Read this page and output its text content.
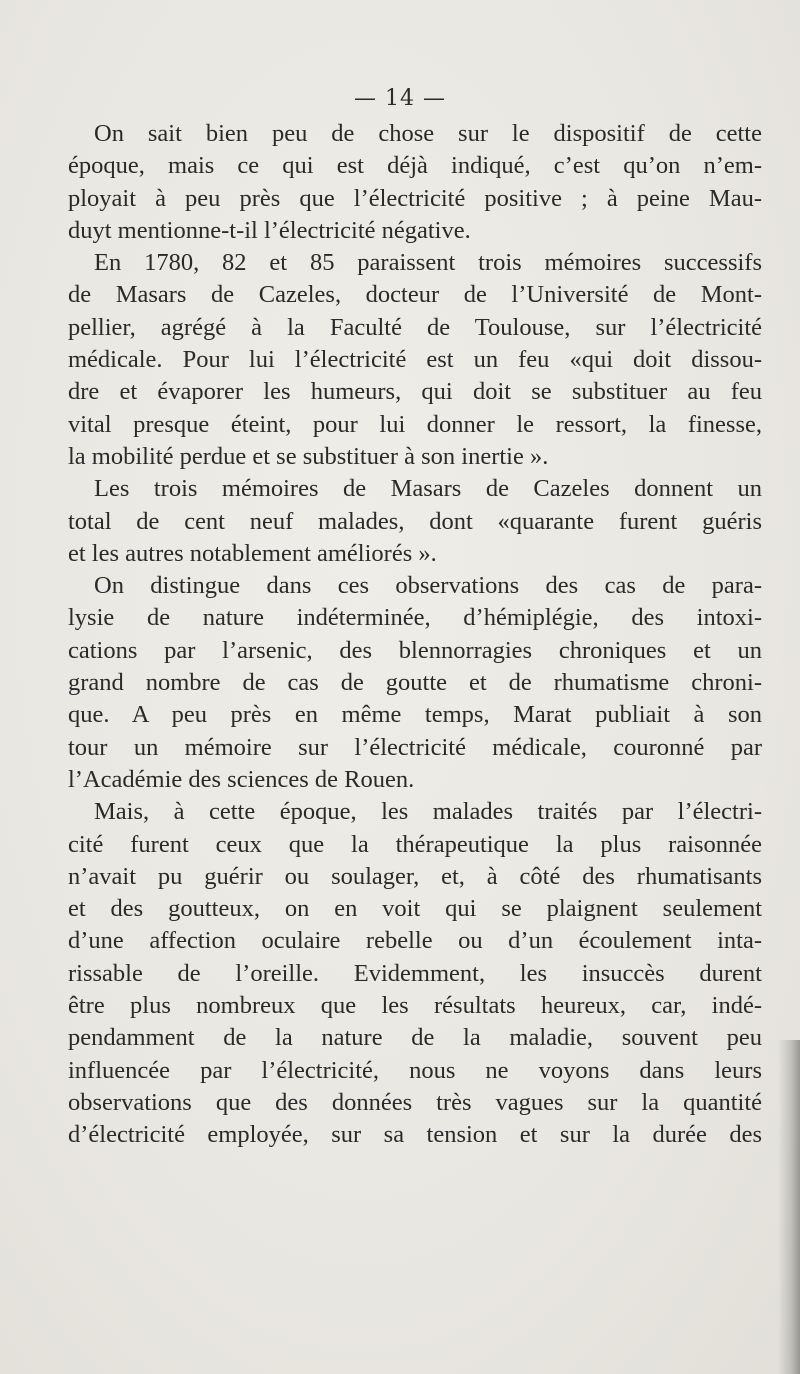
— 14 —
On sait bien peu de chose sur le dispositif de cette
époque, mais ce qui est déjà indiqué, c’est qu’on n’em-
ployait à peu près que l’électricité positive ; à peine Mau-
duyt mentionne-t-il l’électricité négative.
En 1780, 82 et 85 paraissent trois mémoires successifs
de Masars de Cazeles, docteur de l’Université de Mont-
pellier, agrégé à la Faculté de Toulouse, sur l’électricité
médicale. Pour lui l’électricité est un feu «qui doit dissou-
dre et évaporer les humeurs, qui doit se substituer au feu
vital presque éteint, pour lui donner le ressort, la finesse,
la mobilité perdue et se substituer à son inertie ».
Les trois mémoires de Masars de Cazeles donnent un
total de cent neuf malades, dont «quarante furent guéris
et les autres notablement améliorés ».
On distingue dans ces observations des cas de para-
lysie de nature indéterminée, d’hémiplégie, des intoxi-
cations par l’arsenic, des blennorragies chroniques et un
grand nombre de cas de goutte et de rhumatisme chroni-
que. A peu près en même temps, Marat publiait à son
tour un mémoire sur l’électricité médicale, couronné par
l’Académie des sciences de Rouen.
Mais, à cette époque, les malades traités par l’électri-
cité furent ceux que la thérapeutique la plus raisonnée
n’avait pu guérir ou soulager, et, à côté des rhumatisants
et des goutteux, on en voit qui se plaignent seulement
d’une affection oculaire rebelle ou d’un écoulement inta-
rissable de l’oreille. Evidemment, les insuccès durent
être plus nombreux que les résultats heureux, car, indé-
pendamment de la nature de la maladie, souvent peu
influencée par l’électricité, nous ne voyons dans leurs
observations que des données très vagues sur la quantité
d’électricité employée, sur sa tension et sur la durée des
